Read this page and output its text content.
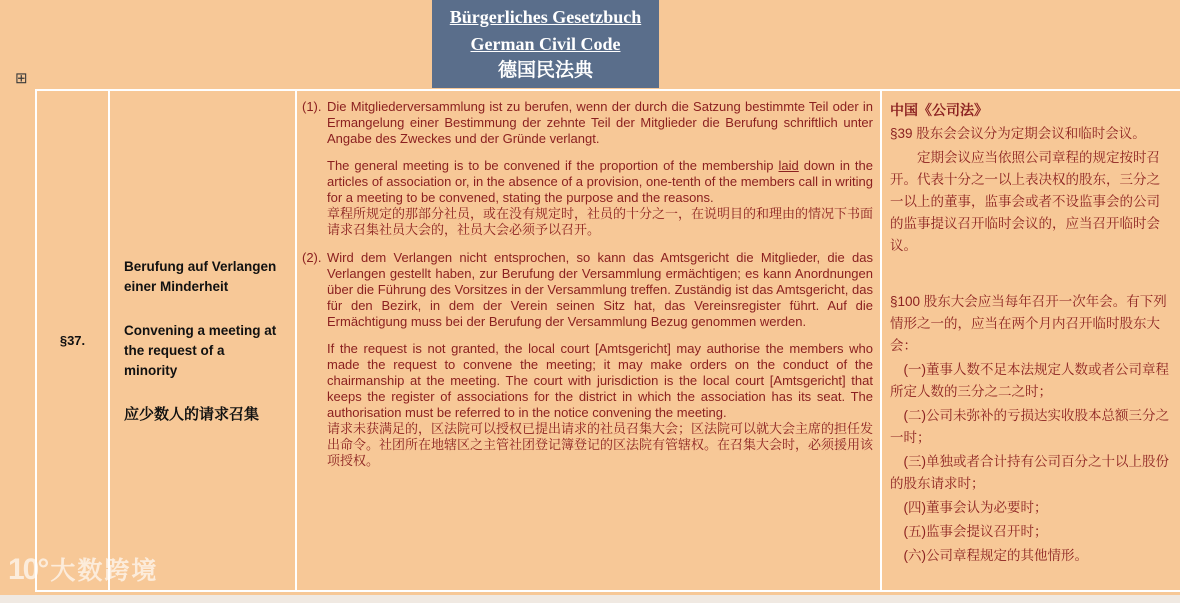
⊞
Bürgerliches Gesetzbuch
German Civil Code
德国民法典
§37.
Berufung auf Verlangen einer Minderheit
Convening a meeting at the request of a minority
应少数人的请求召集
(1). Die Mitgliederversammlung ist zu berufen, wenn der durch die Satzung bestimmte Teil oder in Ermangelung einer Bestimmung der zehnte Teil der Mitglieder die Berufung schriftlich unter Angabe des Zweckes und der Gründe verlangt.

The general meeting is to be convened if the proportion of the membership laid down in the articles of association or, in the absence of a provision, one-tenth of the members call in writing for a meeting to be convened, stating the purpose and the reasons.

章程所规定的那部分社员，或在没有规定时，社员的十分之一，在说明目的和理由的情况下书面请求召集社员大会的，社员大会必须予以召开。

(2). Wird dem Verlangen nicht entsprochen, so kann das Amtsgericht die Mitglieder, die das Verlangen gestellt haben, zur Berufung der Versammlung ermächtigen; es kann Anordnungen über die Führung des Vorsitzes in der Versammlung treffen. Zuständig ist das Amtsgericht, das für den Bezirk, in dem der Verein seinen Sitz hat, das Vereinsregister führt. Auf die Ermächtigung muss bei der Berufung der Versammlung Bezug genommen werden.

If the request is not granted, the local court [Amtsgericht] may authorise the members who made the request to convene the meeting; it may make orders on the conduct of the chairmanship at the meeting. The court with jurisdiction is the local court [Amtsgericht] that keeps the register of associations for the district in which the association has its seat. The authorisation must be referred to in the notice convening the meeting.

请求未获满足的，区法院可以授权已提出请求的社员召集大会；区法院可以就大会主席的担任发出命令。社团所在地辖区之主管社团登记簿登记的区法院有管辖权。在召集大会时，必须援用该项授权。

中国《公司法》

§39 股东会会议分为定期会议和临时会议。

定期会议应当依照公司章程的规定按时召开。代表十分之一以上表决权的股东，三分之一以上的董事，监事会或者不设监事会的公司的监事提议召开临时会议的，应当召开临时会议。

§100 股东大会应当每年召开一次年会。有下列情形之一的，应当在两个月内召开临时股东大会：

(一)董事人数不足本法规定人数或者公司章程所定人数的三分之二之时；

(二)公司未弥补的亏损达实收股本总额三分之一时；

(三)单独或者合计持有公司百分之十以上股份的股东请求时；

(四)董事会认为必要时；

(五)监事会提议召开时；

(六)公司章程规定的其他情形。

10° 大数跨境
